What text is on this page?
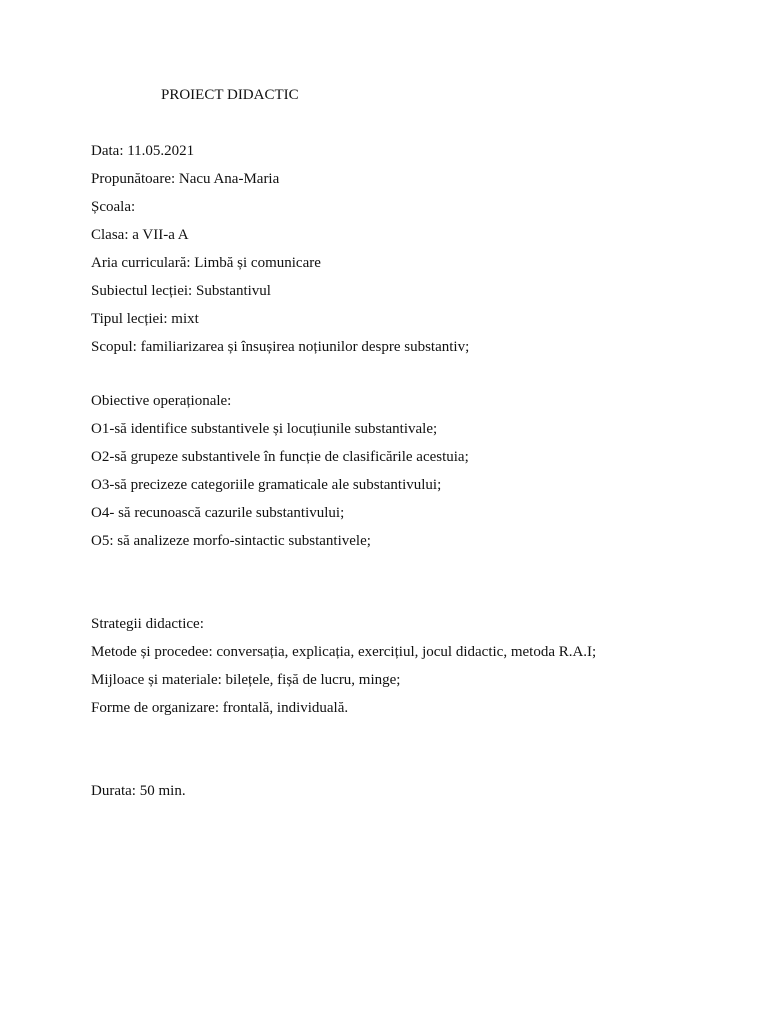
PROIECT DIDACTIC
Data: 11.05.2021
Propunătoare: Nacu Ana-Maria
Școala:
Clasa: a VII-a A
Aria curriculară: Limbă și comunicare
Subiectul lecției: Substantivul
Tipul lecției: mixt
Scopul: familiarizarea și însușirea noțiunilor despre substantiv;
Obiective operaționale:
O1-să identifice substantivele și locuțiunile substantivale;
O2-să grupeze substantivele în funcție de clasificările acestuia;
O3-să precizeze categoriile gramaticale ale substantivului;
O4- să recunoască cazurile substantivului;
O5: să analizeze morfo-sintactic substantivele;
Strategii didactice:
Metode și procedee: conversația, explicația, exercițiul, jocul didactic, metoda R.A.I;
Mijloace și materiale: bilețele, fișă de lucru, minge;
Forme de organizare: frontală, individuală.
Durata: 50 min.
